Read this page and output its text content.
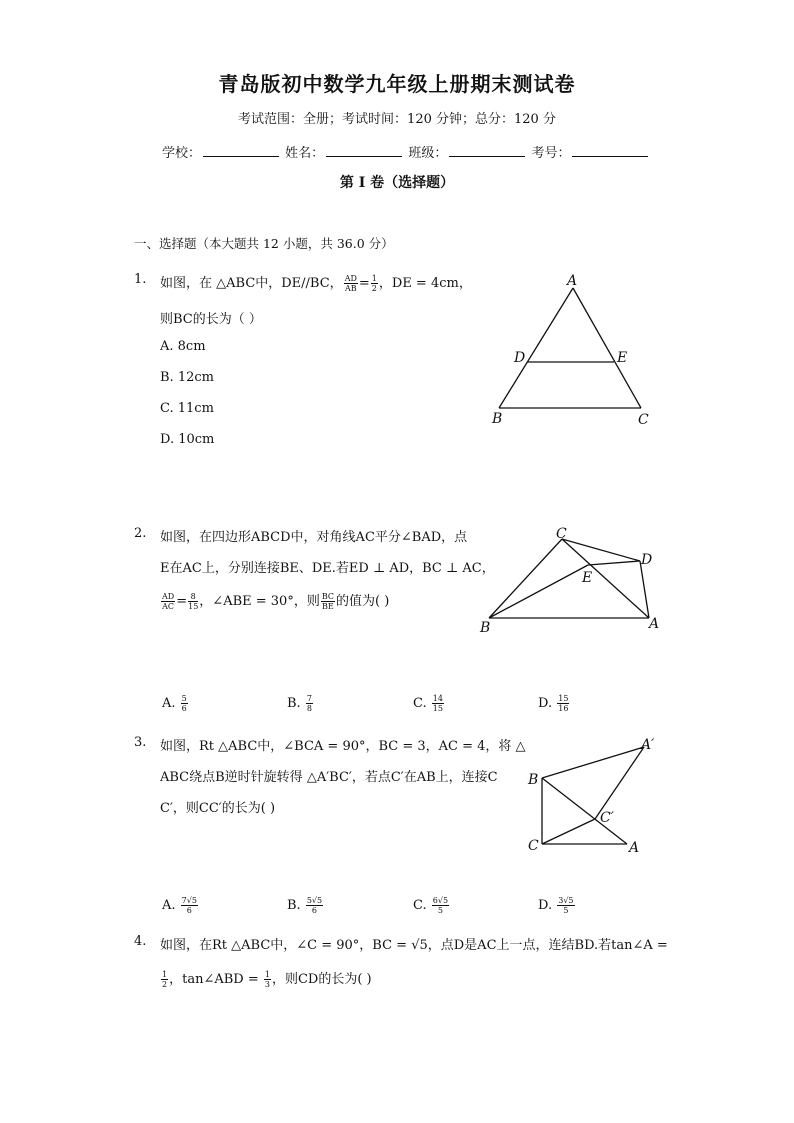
青岛版初中数学九年级上册期末测试卷
考试范围：全册；考试时间：120 分钟；总分：120 分
学校：	姓名：	班级：	考号：
第 I 卷（选择题）
一、选择题（本大题共 12 小题，共 36.0 分）
1. 如图，在 △ABC中，DE//BC， $\frac{AD}{AB} = \frac{1}{2}$ ，DE = 4cm，
则BC的长为（ ）
A. 8cm
B. 12cm
C. 11cm
D. 10cm
A
D	E
B	C
2. 如图，在四边形ABCD中，对角线AC平分∠BAD，点
E在AC上，分别连接BE、DE.若ED ⊥ AD，BC ⊥ AC，
$\frac{AD}{AC} = \frac{8}{15}$ ，∠ABE = 30°，则 $\frac{BC}{BE}$ 的值为( )
C
D
E
B	A
A. $\frac{5}{6}$	B. $\frac{7}{8}$	C. $\frac{14}{15}$	D. $\frac{15}{16}$
3. 如图，Rt △ABC中，∠BCA = 90°，BC = 3，AC = 4，将 △
ABC绕点B逆时针旋转得 △A′BC′，若点C′在AB上，连接C
C′，则CC′的长为( )
A′
B
C′
C	A
A. $\frac{7√5}{6}$	B. $\frac{5√5}{6}$	C. $\frac{6√5}{5}$	D. $\frac{3√5}{5}$
4. 如图，在Rt △ABC中，∠C = 90°，BC = √5，点D是AC上一点，连结BD.若tan∠A =
$\frac{1}{2}$ ，tan∠ABD = $\frac{1}{3}$ ，则CD的长为( )
